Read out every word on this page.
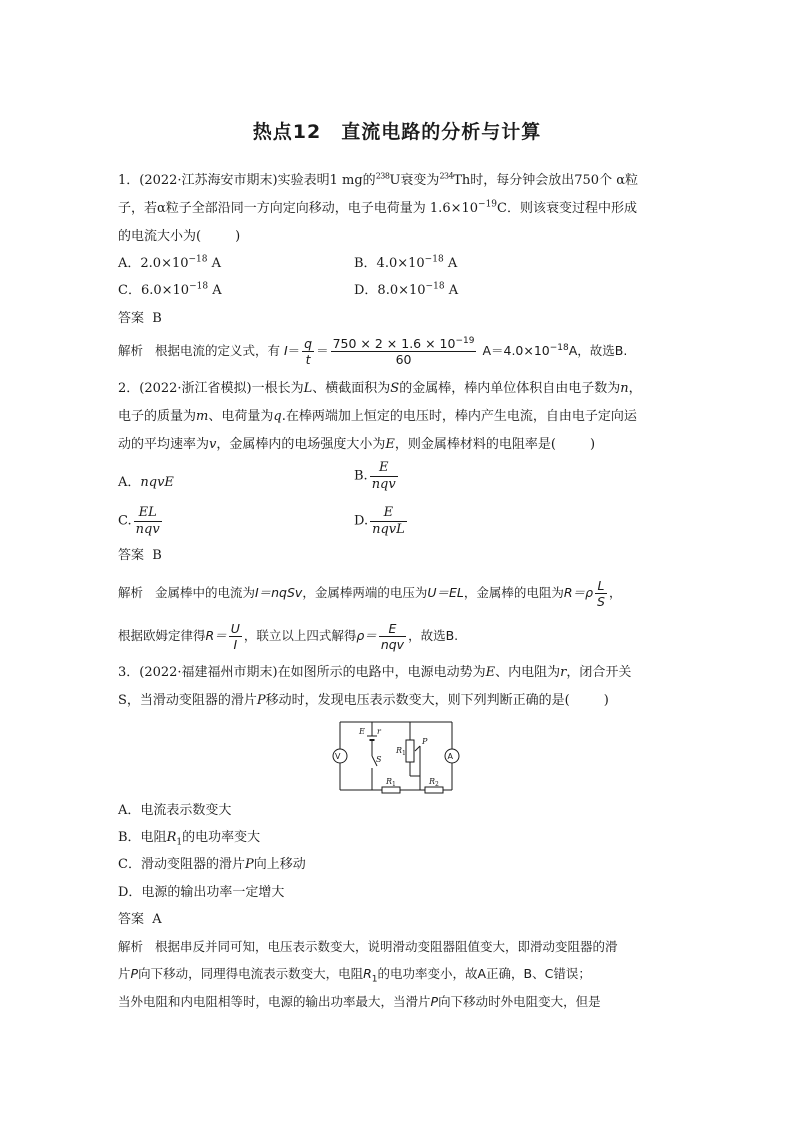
热点12　直流电路的分析与计算
1．(2022·江苏海安市期末)实验表明1 mg的$^{238}$U衰变为$^{234}$Th时，每分钟会放出750个 α粒
子，若α粒子全部沿同一方向定向移动，电子电荷量为 $1.6\times 10^{-19}C$．则该衰变过程中形成
的电流大小为(	)
A．$2.0\times 10^{-18}$ A	B．$4.0\times 10^{-18}$ A
C．$6.0\times 10^{-18}$ A	D．$8.0\times 10^{-18}$ A
答案 B
解析 根据电流的定义式，有 $I= \frac{q}{t} = \frac{750 \times 2 \times 1.6 \times 10^{-19}}{60} A=4.0\times 10^{-18}A$，故选B.
2．(2022·浙江省模拟)一根长为L、横截面积为S的金属棒，棒内单位体积自由电子数为n，
电子的质量为m、电荷量为q.在棒两端加上恒定的电压时，棒内产生电流，自由电子定向运
动的平均速率为v，金属棒内的电场强度大小为E，则金属棒材料的电阻率是(	)
A．nqvE	B. $\frac{E}{\text{nqv}}$
C. $\frac{EL}{\text{nqv}}$	D. $\frac{E}{\text{nqvL}}$
答案 B
解析 金属棒中的电流为I＝nqSv，金属棒两端的电压为U＝EL，金属棒的电阻为$R=\rho \frac{L}{S}$ ，
根据欧姆定律得$R= \frac{U}{I}$ ，联立以上四式解得$\rho= \frac{E}{\text{nqv}}$ ，故选B.
3．(2022·福建福州市期末)在如图所示的电路中，电源电动势为E、内电阻为r，闭合开关
S，当滑动变阻器的滑片P移动时，发现电压表示数变大，则下列判断正确的是(	)
V	A
E r
S
$R_1$
P
$R_1$	$R_2$
A．电流表示数变大
B．电阻$R_1$的电功率变大
C．滑动变阻器的滑片P向上移动
D．电源的输出功率一定增大
答案 A
解析 根据串反并同可知，电压表示数变大，说明滑动变阻器阻值变大，即滑动变阻器的滑
片P向下移动，同理得电流表示数变大，电阻$R_1$的电功率变小，故A正确，B、C错误；
当外电阻和内电阻相等时，电源的输出功率最大，当滑片P向下移动时外电阻变大，但是
